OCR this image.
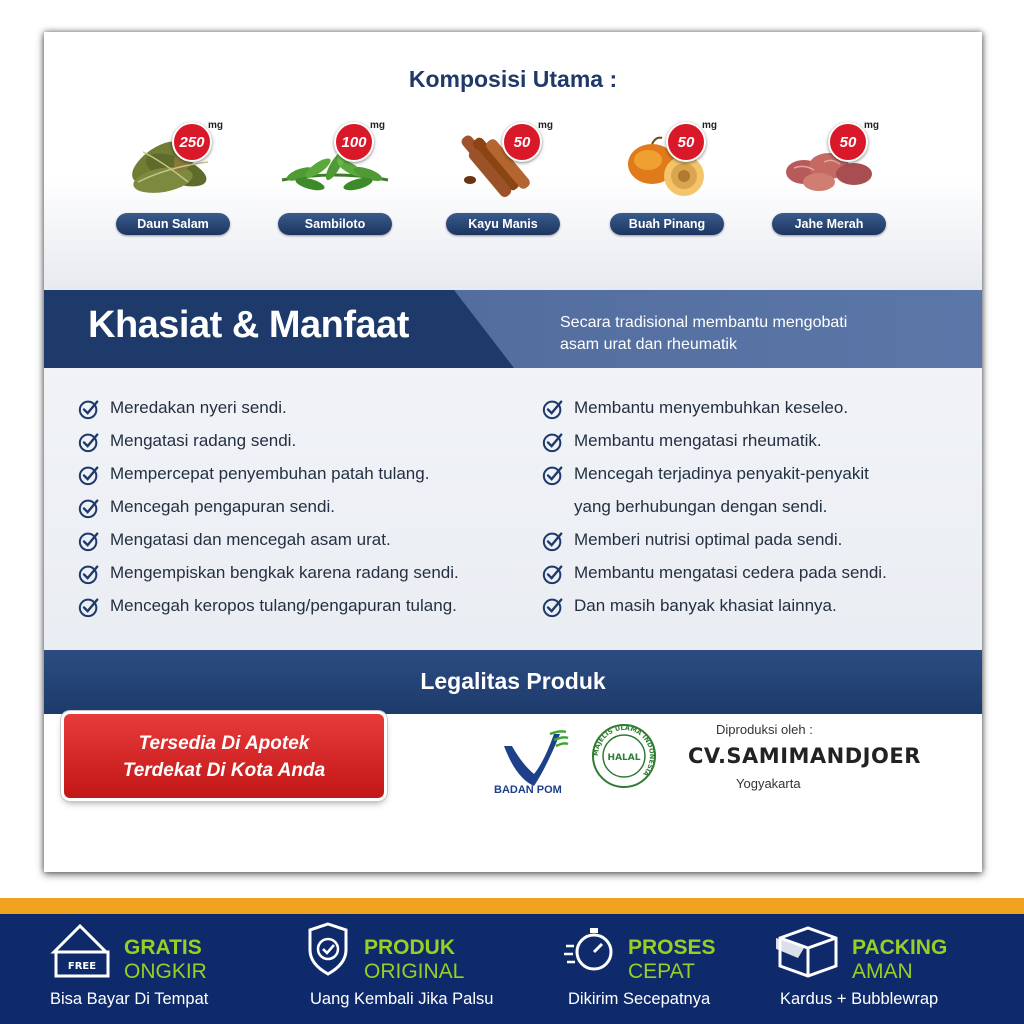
Komposisi Utama :
250
mg
Daun Salam
100
mg
Sambiloto
50
mg
Kayu Manis
50
mg
Buah Pinang
50
mg
Jahe Merah
Khasiat & Manfaat	Secara tradisional membantu mengobati
asam urat dan rheumatik
Meredakan nyeri sendi.
Mengatasi radang sendi.
Mempercepat penyembuhan patah tulang.
Mencegah pengapuran sendi.
Mengatasi dan mencegah asam urat.
Mengempiskan bengkak karena radang sendi.
Mencegah keropos tulang/pengapuran tulang.
Membantu menyembuhkan keseleo.
Membantu mengatasi rheumatik.
Mencegah terjadinya penyakit-penyakit
yang berhubungan dengan sendi.
Memberi nutrisi optimal pada sendi.
Membantu mengatasi cedera pada sendi.
Dan masih banyak khasiat lainnya.
Legalitas Produk
Tersedia Di Apotek
Terdekat Di Kota Anda
BADAN POM
MAJELIS ULAMA INDONESIA
HALAL
Diproduksi oleh :
CV.SAMIMANDJOER
Yogyakarta
FREE
GRATIS
ONGKIR
Bisa Bayar Di Tempat
PRODUK
ORIGINAL
Uang Kembali Jika Palsu
PROSES
CEPAT
Dikirim Secepatnya
PACKING
AMAN
Kardus + Bubblewrap
